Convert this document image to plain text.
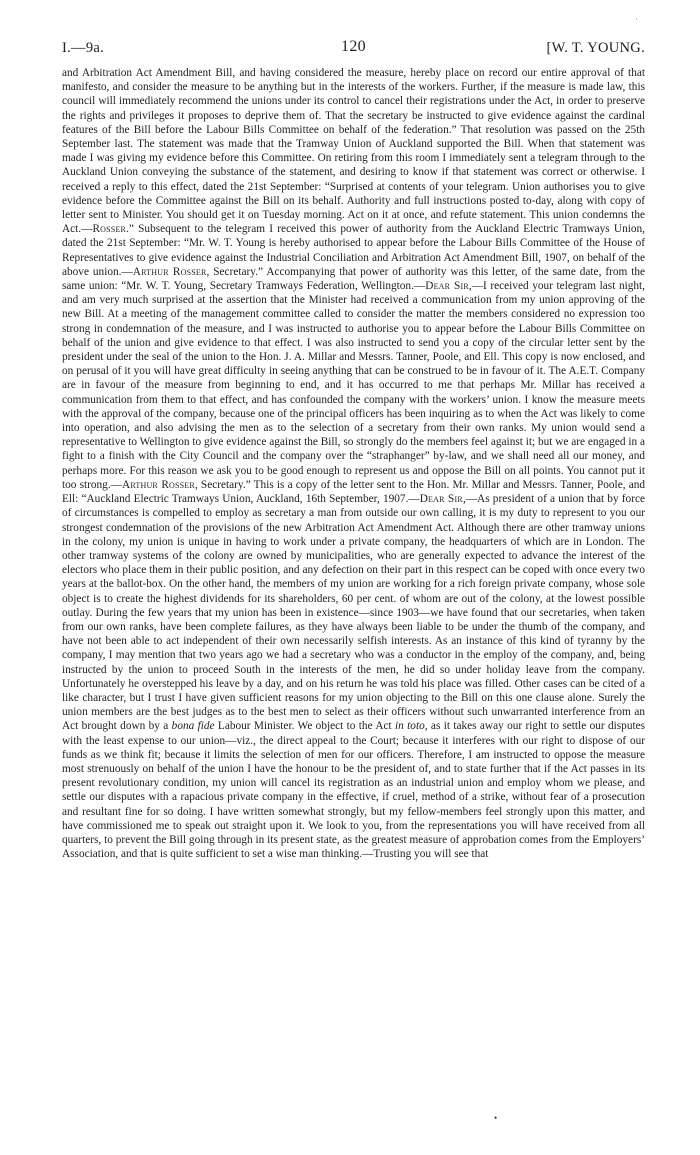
·
I.—9a.	120	[W. T. YOUNG.

and Arbitration Act Amendment Bill, and having considered the measure, hereby place on record our entire approval of that manifesto, and consider the measure to be anything but in the interests of the workers. Further, if the measure is made law, this council will immediately recommend the unions under its control to cancel their registrations under the Act, in order to preserve the rights and privileges it proposes to deprive them of. That the secretary be instructed to give evidence against the cardinal features of the Bill before the Labour Bills Committee on behalf of the federation.” That resolution was passed on the 25th September last. The statement was made that the Tramway Union of Auckland supported the Bill. When that statement was made I was giving my evidence before this Committee. On retiring from this room I immediately sent a telegram through to the Auckland Union conveying the substance of the statement, and desiring to know if that statement was correct or otherwise. I received a reply to this effect, dated the 21st September: “Surprised at contents of your telegram. Union authorises you to give evidence before the Committee against the Bill on its behalf. Authority and full instructions posted to-day, along with copy of letter sent to Minister. You should get it on Tuesday morning. Act on it at once, and refute statement. This union condemns the Act.—Rosser.” Subsequent to the telegram I received this power of authority from the Auckland Electric Tramways Union, dated the 21st September: “Mr. W. T. Young is hereby authorised to appear before the Labour Bills Committee of the House of Representatives to give evidence against the Industrial Conciliation and Arbitration Act Amendment Bill, 1907, on behalf of the above union.—Arthur Rosser, Secretary.” Accompanying that power of authority was this letter, of the same date, from the same union: “Mr. W. T. Young, Secretary Tramways Federation, Wellington.—Dear Sir,—I received your telegram last night, and am very much surprised at the assertion that the Minister had received a communication from my union approving of the new Bill. At a meeting of the management committee called to consider the matter the members considered no expression too strong in condemnation of the measure, and I was instructed to authorise you to appear before the Labour Bills Committee on behalf of the union and give evidence to that effect. I was also instructed to send you a copy of the circular letter sent by the president under the seal of the union to the Hon. J. A. Millar and Messrs. Tanner, Poole, and Ell. This copy is now enclosed, and on perusal of it you will have great difficulty in seeing anything that can be construed to be in favour of it. The A.E.T. Company are in favour of the measure from beginning to end, and it has occurred to me that perhaps Mr. Millar has received a communication from them to that effect, and has confounded the company with the workers’ union. I know the measure meets with the approval of the company, because one of the principal officers has been inquiring as to when the Act was likely to come into operation, and also advising the men as to the selection of a secretary from their own ranks. My union would send a representative to Wellington to give evidence against the Bill, so strongly do the members feel against it; but we are engaged in a fight to a finish with the City Council and the company over the “straphanger” by-law, and we shall need all our money, and perhaps more. For this reason we ask you to be good enough to represent us and oppose the Bill on all points. You cannot put it too strong.—Arthur Rosser, Secretary.” This is a copy of the letter sent to the Hon. Mr. Millar and Messrs. Tanner, Poole, and Ell: “Auckland Electric Tramways Union, Auckland, 16th September, 1907.—Dear Sir,—As president of a union that by force of circumstances is compelled to employ as secretary a man from outside our own calling, it is my duty to represent to you our strongest condemnation of the provisions of the new Arbitration Act Amendment Act. Although there are other tramway unions in the colony, my union is unique in having to work under a private company, the headquarters of which are in London. The other tramway systems of the colony are owned by municipalities, who are generally expected to advance the interest of the electors who place them in their public position, and any defection on their part in this respect can be coped with once every two years at the ballot-box. On the other hand, the members of my union are working for a rich foreign private company, whose sole object is to create the highest dividends for its shareholders, 60 per cent. of whom are out of the colony, at the lowest possible outlay. During the few years that my union has been in existence—since 1903—we have found that our secretaries, when taken from our own ranks, have been complete failures, as they have always been liable to be under the thumb of the company, and have not been able to act independent of their own necessarily selfish interests. As an instance of this kind of tyranny by the company, I may mention that two years ago we had a secretary who was a conductor in the employ of the company, and, being instructed by the union to proceed South in the interests of the men, he did so under holiday leave from the company. Unfortunately he overstepped his leave by a day, and on his return he was told his place was filled. Other cases can be cited of a like character, but I trust I have given sufficient reasons for my union objecting to the Bill on this one clause alone. Surely the union members are the best judges as to the best men to select as their officers without such unwarranted interference from an Act brought down by a bona fide Labour Minister. We object to the Act in toto, as it takes away our right to settle our disputes with the least expense to our union—viz., the direct appeal to the Court; because it interferes with our right to dispose of our funds as we think fit; because it limits the selection of men for our officers. Therefore, I am instructed to oppose the measure most strenuously on behalf of the union I have the honour to be the president of, and to state further that if the Act passes in its present revolutionary condition, my union will cancel its registration as an industrial union and employ whom we please, and settle our disputes with a rapacious private company in the effective, if cruel, method of a strike, without fear of a prosecution and resultant fine for so doing. I have written somewhat strongly, but my fellow-members feel strongly upon this matter, and have commissioned me to speak out straight upon it. We look to you, from the representations you will have received from all quarters, to prevent the Bill going through in its present state, as the greatest measure of approbation comes from the Employers’ Association, and that is quite sufficient to set a wise man thinking.—Trusting you will see that

•
